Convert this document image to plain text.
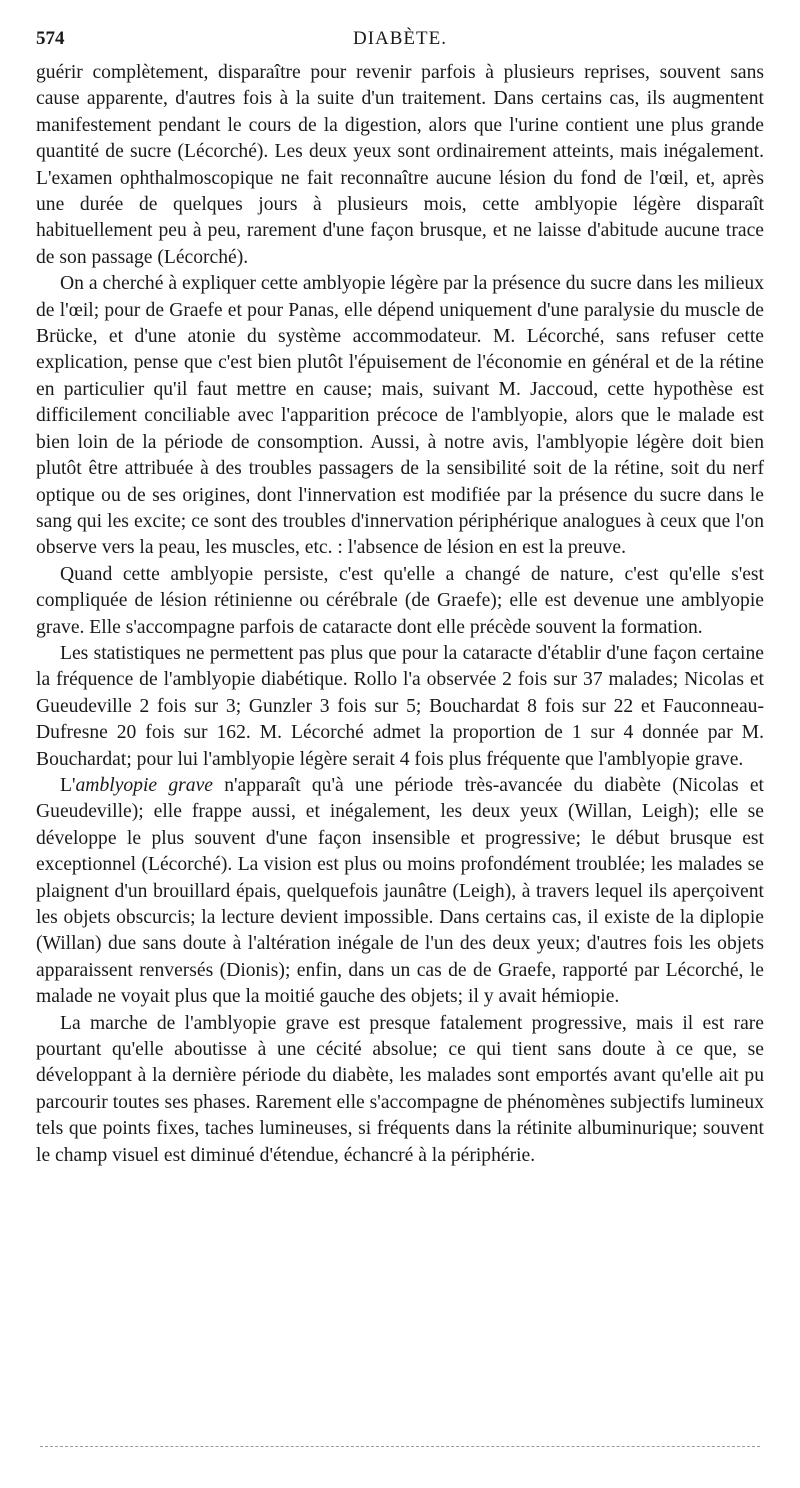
574	DIABÈTE.

guérir complètement, disparaître pour revenir parfois à plusieurs reprises, souvent sans cause apparente, d'autres fois à la suite d'un traitement. Dans certains cas, ils augmentent manifestement pendant le cours de la digestion, alors que l'urine contient une plus grande quantité de sucre (Lécorché). Les deux yeux sont ordinairement atteints, mais inégalement. L'examen ophthalmoscopique ne fait reconnaître aucune lésion du fond de l'œil, et, après une durée de quelques jours à plusieurs mois, cette amblyopie légère disparaît habituellement peu à peu, rarement d'une façon brusque, et ne laisse d'abitude aucune trace de son passage (Lécorché).

On a cherché à expliquer cette amblyopie légère par la présence du sucre dans les milieux de l'œil; pour de Graefe et pour Panas, elle dépend uniquement d'une paralysie du muscle de Brücke, et d'une atonie du système accommodateur. M. Lécorché, sans refuser cette explication, pense que c'est bien plutôt l'épuisement de l'économie en général et de la rétine en particulier qu'il faut mettre en cause; mais, suivant M. Jaccoud, cette hypothèse est difficilement conciliable avec l'apparition précoce de l'amblyopie, alors que le malade est bien loin de la période de consomption. Aussi, à notre avis, l'amblyopie légère doit bien plutôt être attribuée à des troubles passagers de la sensibilité soit de la rétine, soit du nerf optique ou de ses origines, dont l'innervation est modifiée par la présence du sucre dans le sang qui les excite; ce sont des troubles d'innervation périphérique analogues à ceux que l'on observe vers la peau, les muscles, etc. : l'absence de lésion en est la preuve.

Quand cette amblyopie persiste, c'est qu'elle a changé de nature, c'est qu'elle s'est compliquée de lésion rétinienne ou cérébrale (de Graefe); elle est devenue une amblyopie grave. Elle s'accompagne parfois de cataracte dont elle précède souvent la formation.

Les statistiques ne permettent pas plus que pour la cataracte d'établir d'une façon certaine la fréquence de l'amblyopie diabétique. Rollo l'a observée 2 fois sur 37 malades; Nicolas et Gueudeville 2 fois sur 3; Gunzler 3 fois sur 5; Bouchardat 8 fois sur 22 et Fauconneau-Dufresne 20 fois sur 162. M. Lécorché admet la proportion de 1 sur 4 donnée par M. Bouchardat; pour lui l'amblyopie légère serait 4 fois plus fréquente que l'amblyopie grave.

L'amblyopie grave n'apparaît qu'à une période très-avancée du diabète (Nicolas et Gueudeville); elle frappe aussi, et inégalement, les deux yeux (Willan, Leigh); elle se développe le plus souvent d'une façon insensible et progressive; le début brusque est exceptionnel (Lécorché). La vision est plus ou moins profondément troublée; les malades se plaignent d'un brouillard épais, quelquefois jaunâtre (Leigh), à travers lequel ils aperçoivent les objets obscurcis; la lecture devient impossible. Dans certains cas, il existe de la diplopie (Willan) due sans doute à l'altération inégale de l'un des deux yeux; d'autres fois les objets apparaissent renversés (Dionis); enfin, dans un cas de de Graefe, rapporté par Lécorché, le malade ne voyait plus que la moitié gauche des objets; il y avait hémiopie.

La marche de l'amblyopie grave est presque fatalement progressive, mais il est rare pourtant qu'elle aboutisse à une cécité absolue; ce qui tient sans doute à ce que, se développant à la dernière période du diabète, les malades sont emportés avant qu'elle ait pu parcourir toutes ses phases. Rarement elle s'accompagne de phénomènes subjectifs lumineux tels que points fixes, taches lumineuses, si fréquents dans la rétinite albuminurique; souvent le champ visuel est diminué d'étendue, échancré à la périphérie.
